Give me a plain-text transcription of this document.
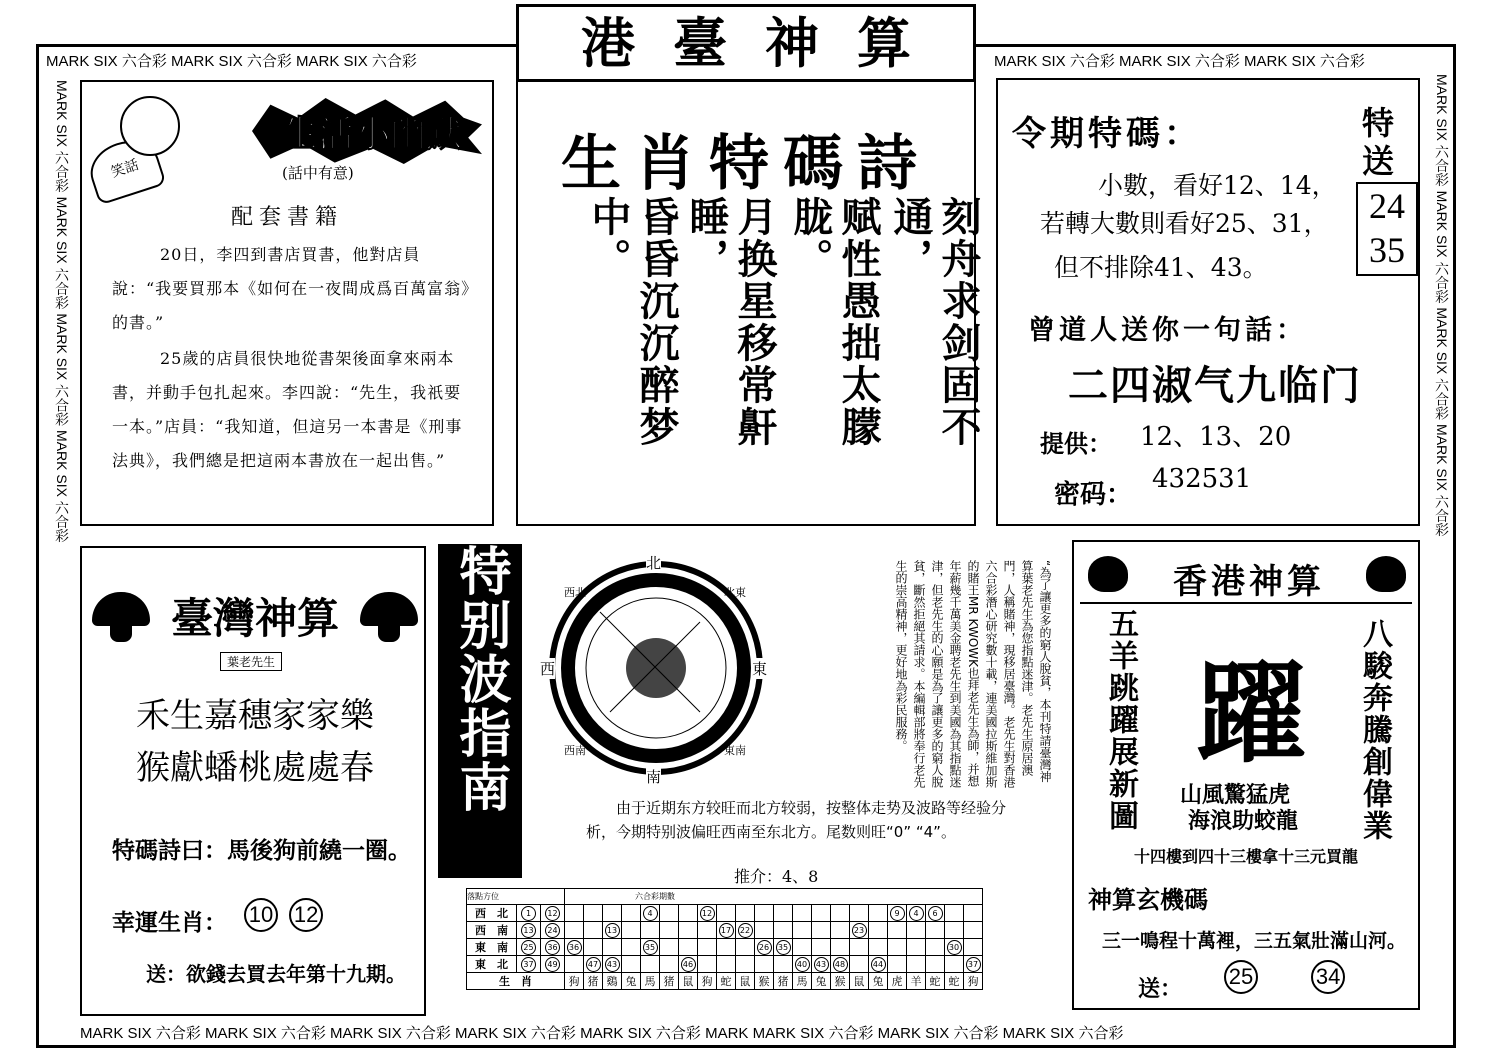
港臺神算
MARK SIX 六合彩 MARK SIX 六合彩 MARK SIX 六合彩	MARK SIX 六合彩 MARK SIX 六合彩 MARK SIX 六合彩
MARK SIX 六合彩 MARK SIX 六合彩 MARK SIX 六合彩 MARK SIX 六合彩 MARK SIX 六合彩 MARK MARK SIX 六合彩 MARK SIX 六合彩 MARK SIX 六合彩
MARK SIX 六合彩 MARK SIX 六合彩 MARK SIX 六合彩 MARK SIX 六合彩	MARK SIX 六合彩 MARK SIX 六合彩 MARK SIX 六合彩 MARK SIX 六合彩
笑話
生活小幽默
(話中有意)
配套書籍
20日，李四到書店買書，他對店員說：“我要買那本《如何在一夜間成爲百萬富翁》的書。”
25歲的店員很快地從書架後面拿來兩本書，并動手包扎起來。李四說：“先生，我祇要一本。”店員：“我知道，但這另一本書是《刑事法典》，我們總是把這兩本書放在一起出售。”
生肖特碼詩
刻舟求剑固不通，
赋性愚拙太朦胧。
月换星移常鼾睡，
昏昏沉沉醉梦中。
令期特碼：	特送
24
35
小數，看好12、14，
若轉大數則看好25、31，
但不排除41、43。
曾道人送你一句話：
二四淑气九临门
提供： 12、13、20
密码：
432531
臺灣神算
葉老先生
禾生嘉穗家家樂
猴獻蟠桃處處春
特碼詩曰：馬後狗前繞一圈。
幸運生肖： 10 12
送：欲錢去買去年第十九期。
特别波指南	北
南
東
西
西北	北東
西南	東南	“為了讓更多的窮人脫貧，本刊特請臺灣神算葉老先生為您指點迷津。老先生原居澳門，人稱賭神，現移居臺灣。老先生對香港六合彩潛心研究數十載，連美國拉斯維加斯的賭王MR KWOWK也拜老先生為師，并想年薪幾千萬美金聘老先生到美國為其指點迷津，但老先生的心願是為了讓更多的窮人脫貧，斷然拒絕其請求。本編輯部將奉行老先生的崇高精神，更好地為彩民服務。
由于近期东方较旺而北方较弱，按整体走势及波路等经验分析，今期特别波偏旺西南至东北方。尾数则旺“0” “4”。
推介：4、8
落點方位			六合彩期數																					
西　北	1	12					4			12										9	4	6		
西　南	13	24			13						17	22						23						
東　南	25	36	36				35						26	35									30	
東　北	37	49		47	43				46						40	43	48		44					37
生　肖			狗	猪	鷄	兔	馬	猪	鼠	狗	蛇	鼠	猴	猪	馬	兔	猴	鼠	兔	虎	羊	蛇	蛇	狗
香港神算
五羊跳躍展新圖	八駿奔騰創偉業
躍
山風驚猛虎
海浪助蛟龍
十四樓到四十三樓拿十三元買龍
神算玄機碼
三一鳴程十萬裡，三五氣壯滿山河。
送： 25	34
